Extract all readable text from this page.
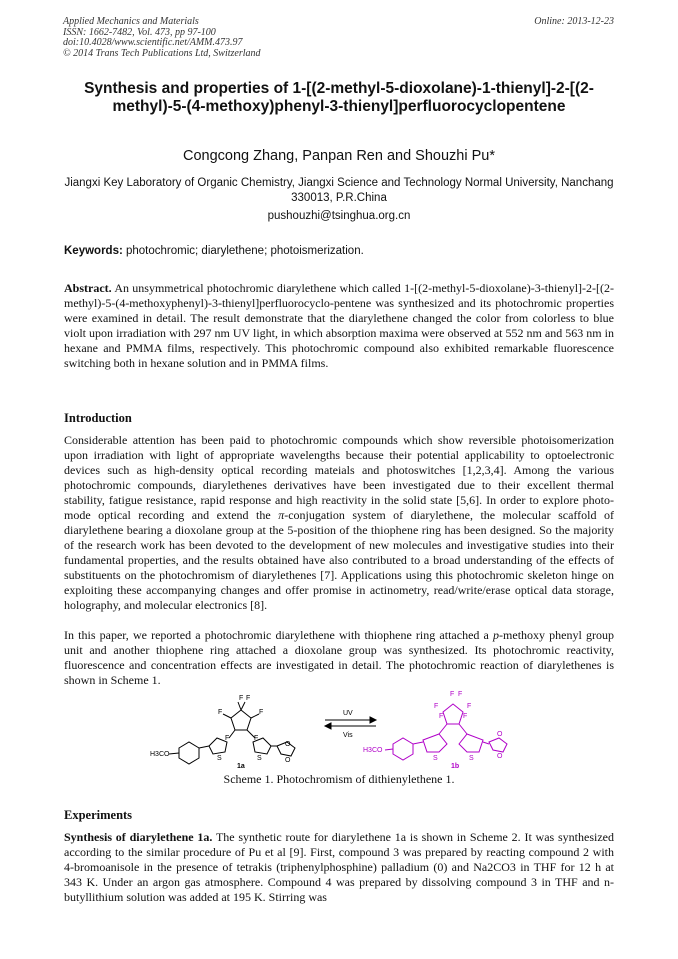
Applied Mechanics and Materials
ISSN: 1662-7482, Vol. 473, pp 97-100
doi:10.4028/www.scientific.net/AMM.473.97
© 2014 Trans Tech Publications Ltd, Switzerland
Online: 2013-12-23
Synthesis and properties of 1-[(2-methyl-5-dioxolane)-1-thienyl]-2-[(2-methyl)-5-(4-methoxy)phenyl-3-thienyl]perfluorocyclopentene
Congcong Zhang, Panpan Ren and Shouzhi Pu*
Jiangxi Key Laboratory of Organic Chemistry, Jiangxi Science and Technology Normal University, Nanchang 330013, P.R.China
pushouzhi@tsinghua.org.cn
Keywords: photochromic; diarylethene; photoismerization.
Abstract. An unsymmetrical photochromic diarylethene which called 1-[(2-methyl-5-dioxolane)-3-thienyl]-2-[(2-methyl)-5-(4-methoxyphenyl)-3-thienyl]perfluorocyclo-pentene was synthesized and its photochromic properties were examined in detail. The result demonstrate that the diarylethene changed the color from colorless to blue violt upon irradiation with 297 nm UV light, in which absorption maxima were observed at 552 nm and 563 nm in hexane and PMMA films, respectively. This photochromic compound also exhibited remarkable fluorescence switching both in hexane solution and in PMMA films.
Introduction
Considerable attention has been paid to photochromic compounds which show reversible photoisomerization upon irradiation with light of appropriate wavelengths because their potential applicability to optoelectronic devices such as high-density optical recording mateials and photoswitches [1,2,3,4]. Among the various photochromic compounds, diarylethenes derivatives have been investigated due to their excellent thermal stability, fatigue resistance, rapid response and high reactivity in the solid state [5,6]. In order to explore photo-mode optical recording and extend the π-conjugation system of diarylethene, the molecular scaffold of diarylethene bearing a dioxolane group at the 5-position of the thiophene ring has been designed. So the majority of the research work has been devoted to the development of new molecules and investigative studies into their fundamental properties, and the results obtained have also contributed to a broad understanding of the effects of substituents on the photochromism of diarylethenes [7]. Applications using this photochromic skeleton hinge on exploiting these accompanying changes and offer promise in actinometry, read/write/erase optical data storage, holography, and molecular electronics [8].
In this paper, we reported a photochromic diarylethene with thiophene ring attached a p-methoxy phenyl group unit and another thiophene ring attached a dioxolane group was synthesized. Its photochromic reactivity, fluorescence and concentration effects are investigated in detail. The photochromic reaction of diarylethenes is shown in Scheme 1.
F F
F	F
F	F
S	S
O
O
H3CO
1a
UV
Vis
F F
F	F
F	F
S	S
O
O
H3CO
1b
Scheme 1. Photochromism of dithienylethene 1.
Experiments
Synthesis of diarylethene 1a. The synthetic route for diarylethene 1a is shown in Scheme 2. It was synthesized according to the similar procedure of Pu et al [9]. First, compound 3 was prepared by reacting compound 2 with 4-bromoanisole in the presence of tetrakis (triphenylphosphine) palladium (0) and Na2CO3 in THF for 12 h at 343 K. Under an argon gas atmosphere. Compound 4 was prepared by dissolving compound 3 in THF and n-butyllithium solution was added at 195 K. Stirring was
